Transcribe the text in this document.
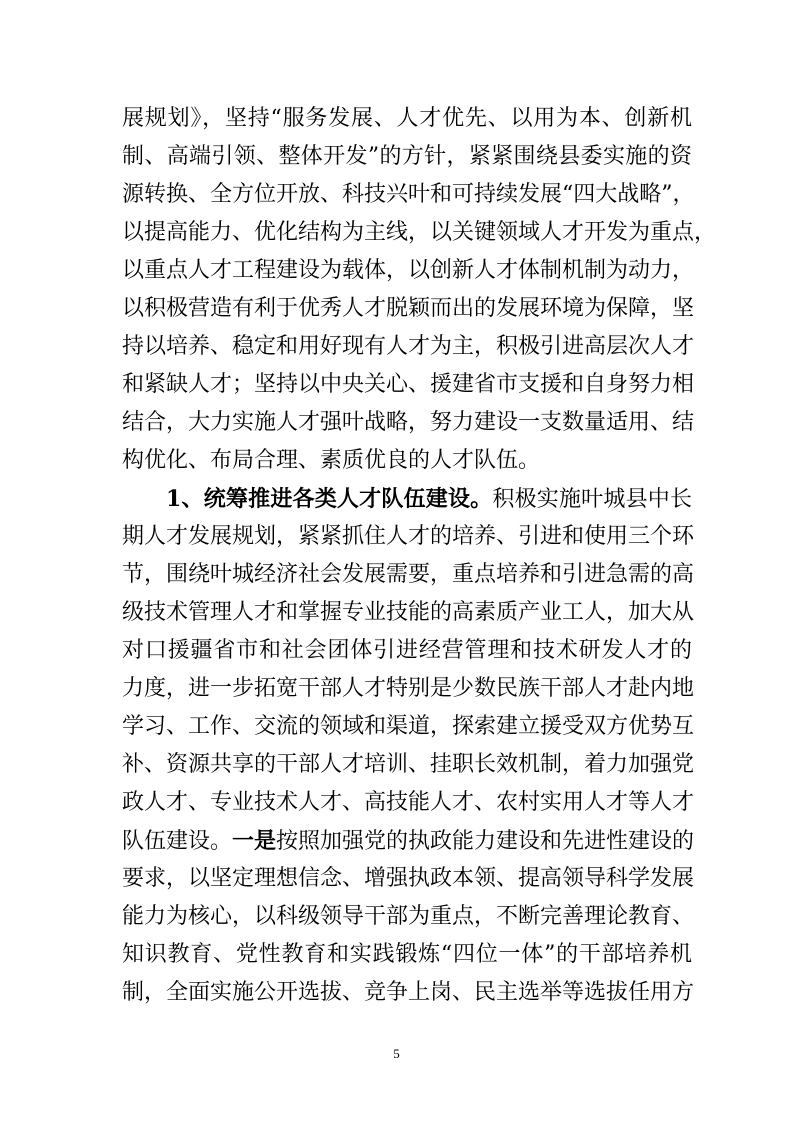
展规划》，坚持“服务发展、人才优先、以用为本、创新机
制、高端引领、整体开发”的方针，紧紧围绕县委实施的资
源转换、全方位开放、科技兴叶和可持续发展“四大战略”，
以提高能力、优化结构为主线，以关键领域人才开发为重点，
以重点人才工程建设为载体，以创新人才体制机制为动力，
以积极营造有利于优秀人才脱颖而出的发展环境为保障，坚
持以培养、稳定和用好现有人才为主，积极引进高层次人才
和紧缺人才；坚持以中央关心、援建省市支援和自身努力相
结合，大力实施人才强叶战略，努力建设一支数量适用、结
构优化、布局合理、素质优良的人才队伍。
1、统筹推进各类人才队伍建设。积极实施叶城县中长
期人才发展规划，紧紧抓住人才的培养、引进和使用三个环
节，围绕叶城经济社会发展需要，重点培养和引进急需的高
级技术管理人才和掌握专业技能的高素质产业工人，加大从
对口援疆省市和社会团体引进经营管理和技术研发人才的
力度，进一步拓宽干部人才特别是少数民族干部人才赴内地
学习、工作、交流的领域和渠道，探索建立援受双方优势互
补、资源共享的干部人才培训、挂职长效机制，着力加强党
政人才、专业技术人才、高技能人才、农村实用人才等人才
队伍建设。一是按照加强党的执政能力建设和先进性建设的
要求，以坚定理想信念、增强执政本领、提高领导科学发展
能力为核心，以科级领导干部为重点，不断完善理论教育、
知识教育、党性教育和实践锻炼“四位一体”的干部培养机
制，全面实施公开选拔、竞争上岗、民主选举等选拔任用方
5
